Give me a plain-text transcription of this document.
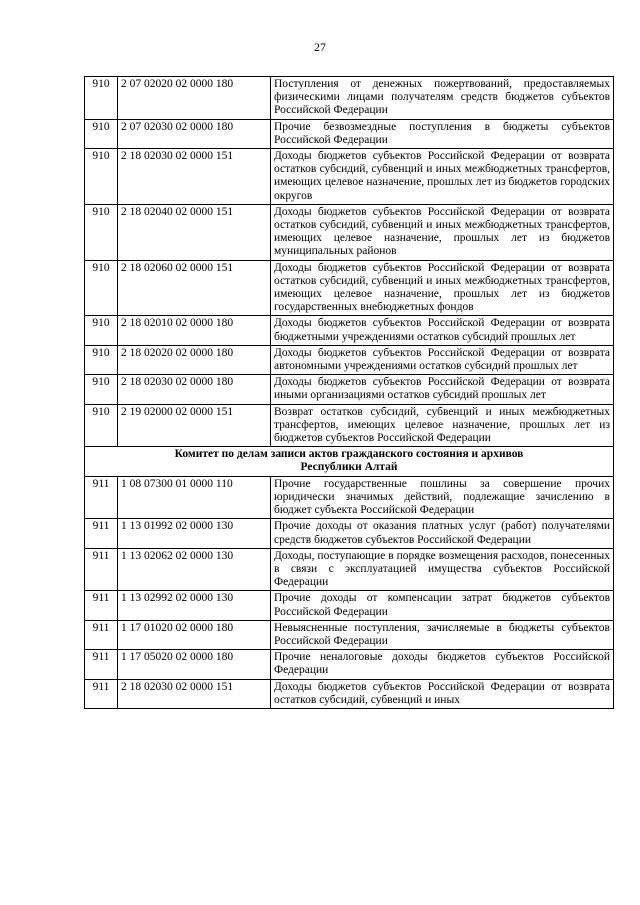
27
910	2 07 02020 02 0000 180	Поступления от денежных пожертвований, предоставляемых физическими лицами получателям средств бюджетов субъектов Российской Федерации
910	2 07 02030 02 0000 180	Прочие безвозмездные поступления в бюджеты субъектов Российской Федерации
910	2 18 02030 02 0000 151	Доходы бюджетов субъектов Российской Федерации от возврата остатков субсидий, субвенций и иных межбюджетных трансфертов, имеющих целевое назначение, прошлых лет из бюджетов городских округов
910	2 18 02040 02 0000 151	Доходы бюджетов субъектов Российской Федерации от возврата остатков субсидий, субвенций и иных межбюджетных трансфертов, имеющих целевое назначение, прошлых лет из бюджетов муниципальных районов
910	2 18 02060 02 0000 151	Доходы бюджетов субъектов Российской Федерации от возврата остатков субсидий, субвенций и иных межбюджетных трансфертов, имеющих целевое назначение, прошлых лет из бюджетов государственных внебюджетных фондов
910	2 18 02010 02 0000 180	Доходы бюджетов субъектов Российской Федерации от возврата бюджетными учреждениями остатков субсидий прошлых лет
910	2 18 02020 02 0000 180	Доходы бюджетов субъектов Российской Федерации от возврата автономными учреждениями остатков субсидий прошлых лет
910	2 18 02030 02 0000 180	Доходы бюджетов субъектов Российской Федерации от возврата иными организациями остатков субсидий прошлых лет
910	2 19 02000 02 0000 151	Возврат остатков субсидий, субвенций и иных межбюджетных трансфертов, имеющих целевое назначение, прошлых лет из бюджетов субъектов Российской Федерации

Комитет по делам записи актов гражданского состояния и архивов
Республики Алтай		

911	1 08 07300 01 0000 110	Прочие государственные пошлины за совершение прочих юридически значимых действий, подлежащие зачислению в бюджет субъекта Российской Федерации
911	1 13 01992 02 0000 130	Прочие доходы от оказания платных услуг (работ) получателями средств бюджетов субъектов Российской Федерации
911	1 13 02062 02 0000 130	Доходы, поступающие в порядке возмещения расходов, понесенных в связи с эксплуатацией имущества субъектов Российской Федерации
911	1 13 02992 02 0000 130	Прочие доходы от компенсации затрат бюджетов субъектов Российской Федерации
911	1 17 01020 02 0000 180	Невыясненные поступления, зачисляемые в бюджеты субъектов Российской Федерации
911	1 17 05020 02 0000 180	Прочие неналоговые доходы бюджетов субъектов Российской Федерации
911	2 18 02030 02 0000 151	Доходы бюджетов субъектов Российской Федерации от возврата остатков субсидий, субвенций и иных
